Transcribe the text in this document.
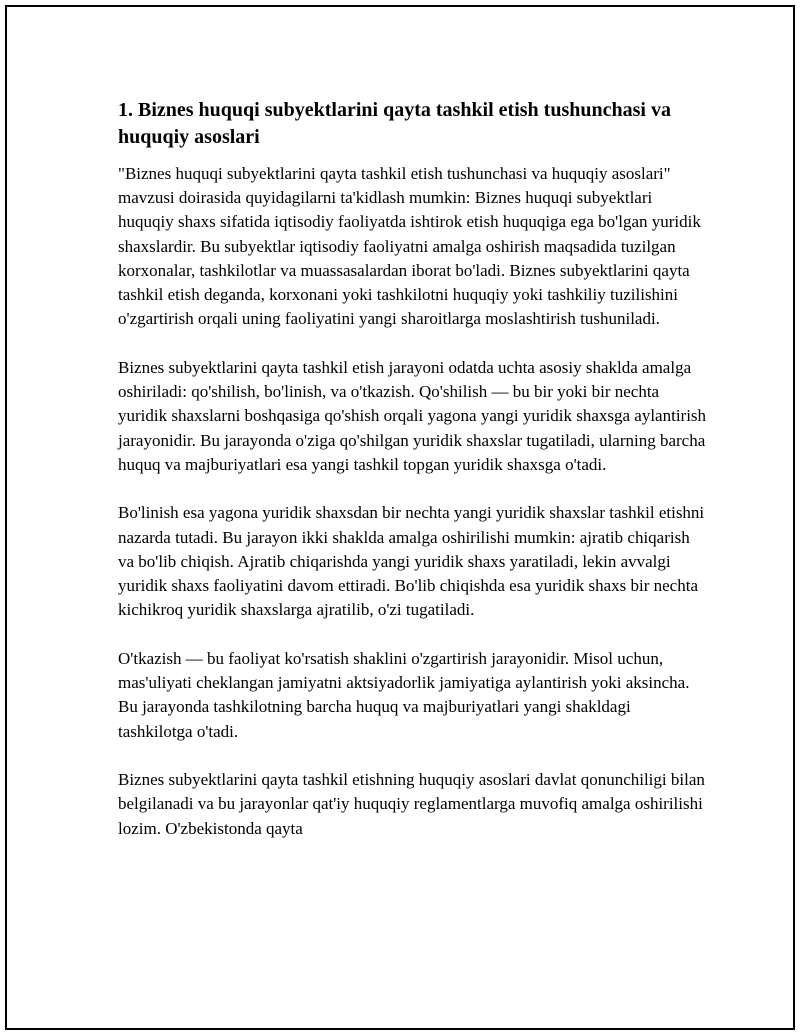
1. Biznes huquqi subyektlarini qayta tashkil etish tushunchasi va huquqiy asoslari

"Biznes huquqi subyektlarini qayta tashkil etish tushunchasi va huquqiy asoslari" mavzusi doirasida quyidagilarni ta'kidlash mumkin: Biznes huquqi subyektlari huquqiy shaxs sifatida iqtisodiy faoliyatda ishtirok etish huquqiga ega bo'lgan yuridik shaxslardir. Bu subyektlar iqtisodiy faoliyatni amalga oshirish maqsadida tuzilgan korxonalar, tashkilotlar va muassasalardan iborat bo'ladi. Biznes subyektlarini qayta tashkil etish deganda, korxonani yoki tashkilotni huquqiy yoki tashkiliy tuzilishini o'zgartirish orqali uning faoliyatini yangi sharoitlarga moslashtirish tushuniladi.

Biznes subyektlarini qayta tashkil etish jarayoni odatda uchta asosiy shaklda amalga oshiriladi: qo'shilish, bo'linish, va o'tkazish. Qo'shilish — bu bir yoki bir nechta yuridik shaxslarni boshqasiga qo'shish orqali yagona yangi yuridik shaxsga aylantirish jarayonidir. Bu jarayonda o'ziga qo'shilgan yuridik shaxslar tugatiladi, ularning barcha huquq va majburiyatlari esa yangi tashkil topgan yuridik shaxsga o'tadi.

Bo'linish esa yagona yuridik shaxsdan bir nechta yangi yuridik shaxslar tashkil etishni nazarda tutadi. Bu jarayon ikki shaklda amalga oshirilishi mumkin: ajratib chiqarish va bo'lib chiqish. Ajratib chiqarishda yangi yuridik shaxs yaratiladi, lekin avvalgi yuridik shaxs faoliyatini davom ettiradi. Bo'lib chiqishda esa yuridik shaxs bir nechta kichikroq yuridik shaxslarga ajratilib, o'zi tugatiladi.

O'tkazish — bu faoliyat ko'rsatish shaklini o'zgartirish jarayonidir. Misol uchun, mas'uliyati cheklangan jamiyatni aktsiyadorlik jamiyatiga aylantirish yoki aksincha. Bu jarayonda tashkilotning barcha huquq va majburiyatlari yangi shakldagi tashkilotga o'tadi.

Biznes subyektlarini qayta tashkil etishning huquqiy asoslari davlat qonunchiligi bilan belgilanadi va bu jarayonlar qat'iy huquqiy reglamentlarga muvofiq amalga oshirilishi lozim. O'zbekistonda qayta
